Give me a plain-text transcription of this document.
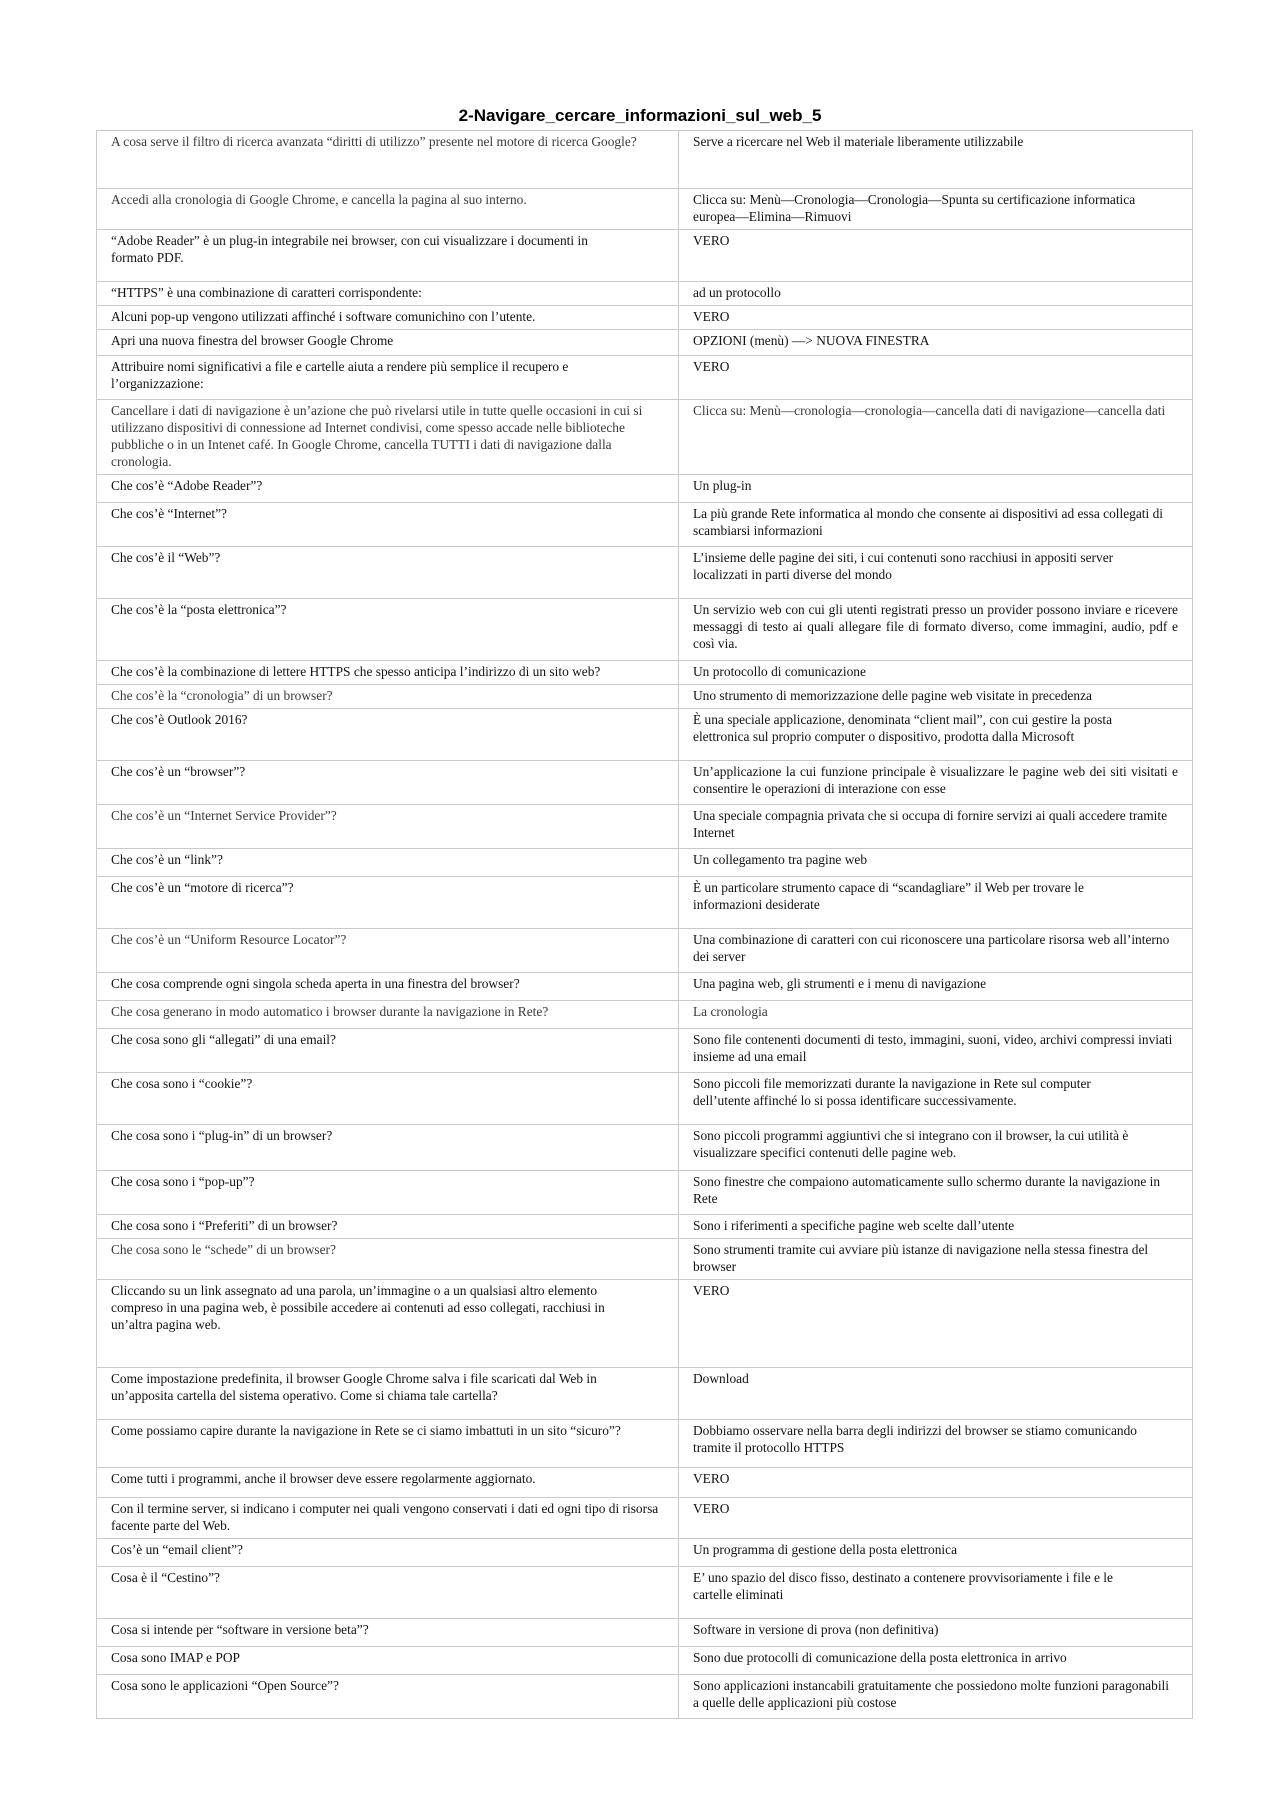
2-Navigare_cercare_informazioni_sul_web_5
A cosa serve il filtro di ricerca avanzata “diritti di utilizzo” presente nel motore di ricerca Google?	Serve a ricercare nel Web il materiale liberamente utilizzabile
Accedi alla cronologia di Google Chrome, e cancella la pagina al suo interno.	Clicca su: Menù—Cronologia—Cronologia—Spunta su certificazione informatica europea—Elimina—Rimuovi
“Adobe Reader” è un plug-in integrabile nei browser, con cui visualizzare i documenti in
formato PDF.	VERO
“HTTPS” è una combinazione di caratteri corrispondente:	ad un protocollo
Alcuni pop-up vengono utilizzati affinché i software comunichino con l’utente.	VERO
Apri una nuova finestra del browser Google Chrome	OPZIONI (menù) —> NUOVA FINESTRA
Attribuire nomi significativi a file e cartelle aiuta a rendere più semplice il recupero e l’organizzazione:	VERO
Cancellare i dati di navigazione è un’azione che può rivelarsi utile in tutte quelle occasioni in cui si utilizzano dispositivi di connessione ad Internet condivisi, come spesso accade nelle biblioteche pubbliche o in un Intenet café. In Google Chrome, cancella TUTTI i dati di navigazione dalla cronologia.	Clicca su: Menù—cronologia—cronologia—cancella dati di navigazione—cancella dati
Che cos’è “Adobe Reader”?	Un plug-in
Che cos’è “Internet”?	La più grande Rete informatica al mondo che consente ai dispositivi ad essa collegati di scambiarsi informazioni
Che cos’è il “Web”?	L’insieme delle pagine dei siti, i cui contenuti sono racchiusi in appositi server
localizzati in parti diverse del mondo
Che cos’è la “posta elettronica”?	Un servizio web con cui gli utenti registrati presso un provider possono inviare e ricevere messaggi di testo ai quali allegare file di formato diverso, come immagini, audio, pdf e così via.
Che cos’è la combinazione di lettere HTTPS che spesso anticipa l’indirizzo di un sito web?	Un protocollo di comunicazione
Che cos’è la “cronologia” di un browser?	Uno strumento di memorizzazione delle pagine web visitate in precedenza
Che cos’è Outlook 2016?	È una speciale applicazione, denominata “client mail”, con cui gestire la posta
elettronica sul proprio computer o dispositivo, prodotta dalla Microsoft
Che cos’è un “browser”?	Un’applicazione la cui funzione principale è visualizzare le pagine web dei siti visitati e consentire le operazioni di interazione con esse
Che cos’è un “Internet Service Provider”?	Una speciale compagnia privata che si occupa di fornire servizi ai quali accedere tramite Internet
Che cos’è un “link”?	Un collegamento tra pagine web
Che cos’è un “motore di ricerca”?	È un particolare strumento capace di “scandagliare” il Web per trovare le
informazioni desiderate
Che cos’è un “Uniform Resource Locator”?	Una combinazione di caratteri con cui riconoscere una particolare risorsa web all’interno dei server
Che cosa comprende ogni singola scheda aperta in una finestra del browser?	Una pagina web, gli strumenti e i menu di navigazione
Che cosa generano in modo automatico i browser durante la navigazione in Rete?	La cronologia
Che cosa sono gli “allegati” di una email?	Sono file contenenti documenti di testo, immagini, suoni, video, archivi compressi inviati insieme ad una email
Che cosa sono i “cookie”?	Sono piccoli file memorizzati durante la navigazione in Rete sul computer
dell’utente affinché lo si possa identificare successivamente.
Che cosa sono i “plug-in” di un browser?	Sono piccoli programmi aggiuntivi che si integrano con il browser, la cui utilità è visualizzare specifici contenuti delle pagine web.
Che cosa sono i “pop-up”?	Sono finestre che compaiono automaticamente sullo schermo durante la navigazione in Rete
Che cosa sono i “Preferiti” di un browser?	Sono i riferimenti a specifiche pagine web scelte dall’utente
Che cosa sono le “schede” di un browser?	Sono strumenti tramite cui avviare più istanze di navigazione nella stessa finestra del browser
Cliccando su un link assegnato ad una parola, un’immagine o a un qualsiasi altro elemento
compreso in una pagina web, è possibile accedere ai contenuti ad esso collegati, racchiusi in
un’altra pagina web.	VERO
Come impostazione predefinita, il browser Google Chrome salva i file scaricati dal Web in
un’apposita cartella del sistema operativo. Come si chiama tale cartella?	Download
Come possiamo capire durante la navigazione in Rete se ci siamo imbattuti in un sito “sicuro”?	Dobbiamo osservare nella barra degli indirizzi del browser se stiamo comunicando tramite il protocollo HTTPS
Come tutti i programmi, anche il browser deve essere regolarmente aggiornato.	VERO
Con il termine server, si indicano i computer nei quali vengono conservati i dati ed ogni tipo di risorsa facente parte del Web.	VERO
Cos’è un “email client”?	Un programma di gestione della posta elettronica
Cosa è il “Cestino”?	E’ uno spazio del disco fisso, destinato a contenere provvisoriamente i file e le
cartelle eliminati
Cosa si intende per “software in versione beta”?	Software in versione di prova (non definitiva)
Cosa sono IMAP e POP	Sono due protocolli di comunicazione della posta elettronica in arrivo
Cosa sono le applicazioni “Open Source”?	Sono applicazioni instancabili gratuitamente che possiedono molte funzioni paragonabili a quelle delle applicazioni più costose
